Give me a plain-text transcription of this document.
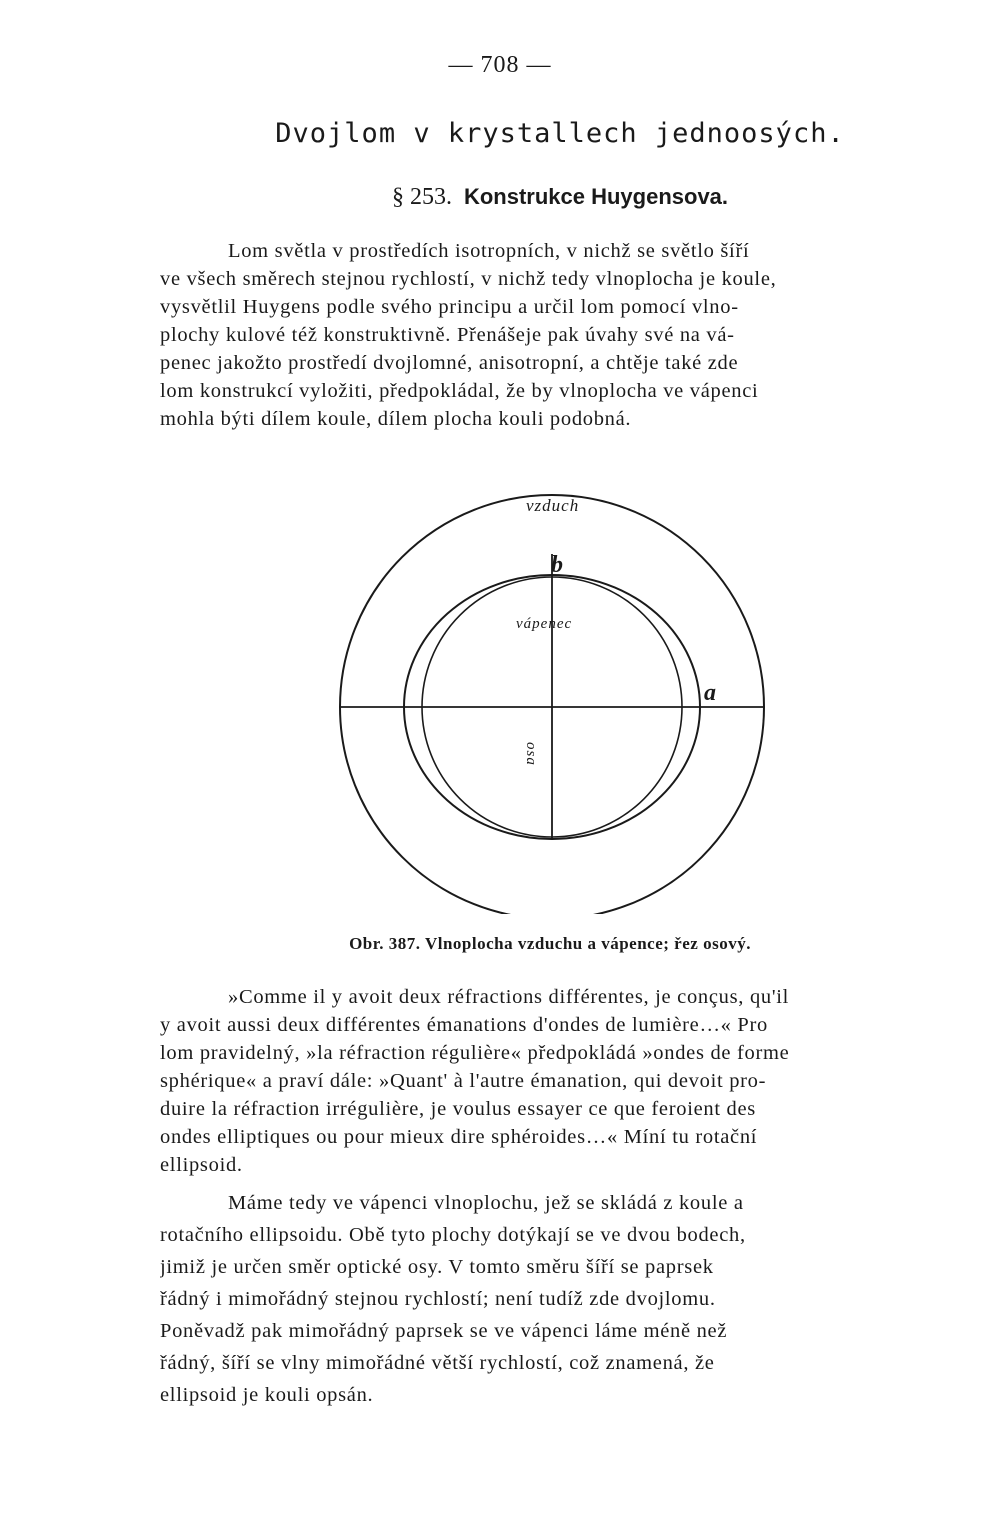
— 708 —
Dvojlom v krystallech jednoosých.
§ 253. Konstrukce Huygensova.

Lom světla v prostředích isotropních, v nichž se světlo šíří
ve všech směrech stejnou rychlostí, v nichž tedy vlnoplocha je koule,
vysvětlil Huygens podle svého principu a určil lom pomocí vlno-
plochy kulové též konstruktivně. Přenášeje pak úvahy své na vá-
penec jakožto prostředí dvojlomné, anisotropní, a chtěje také zde
lom konstrukcí vyložiti, předpokládal, že by vlnoplocha ve vápenci
mohla býti dílem koule, dílem plocha kouli podobná.

vzduch
b
vápenec
a
osa
Obr. 387. Vlnoplocha vzduchu a vápence; řez osový.

»Comme il y avoit deux réfractions différentes, je conçus, qu'il
y avoit aussi deux différentes émanations d'ondes de lumière…« Pro
lom pravidelný, »la réfraction régulière« předpokládá »ondes de forme
sphérique« a praví dále: »Quant' à l'autre émanation, qui devoit pro-
duire la réfraction irrégulière, je voulus essayer ce que feroient des
ondes elliptiques ou pour mieux dire sphéroides…« Míní tu rotační
ellipsoid.

Máme tedy ve vápenci vlnoplochu, jež se skládá z koule a
rotačního ellipsoidu. Obě tyto plochy dotýkají se ve dvou bodech,
jimiž je určen směr optické osy. V tomto směru šíří se paprsek
řádný i mimořádný stejnou rychlostí; není tudíž zde dvojlomu.
Poněvadž pak mimořádný paprsek se ve vápenci láme méně než
řádný, šíří se vlny mimořádné větší rychlostí, což znamená, že
ellipsoid je kouli opsán.
